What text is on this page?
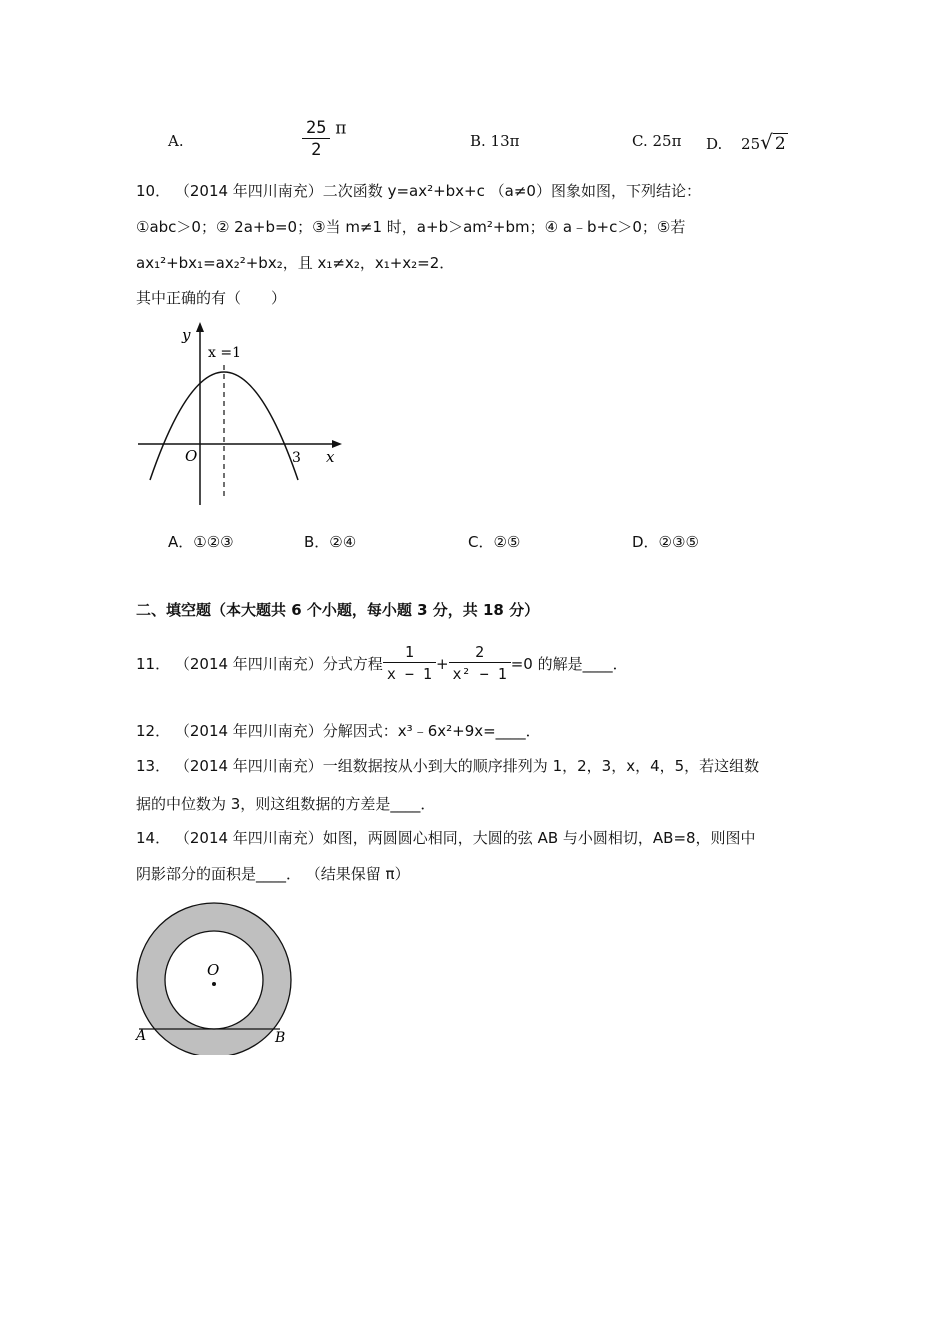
A.	$\frac{25}{2}$ π
B. 13π	C. 25π D. 25√ 2
10． （2014 年四川南充）二次函数 y=ax²+bx+c （a≠0）图象如图，下列结论：
①abc＞0；② 2a+b=0；③当 m≠1 时，a+b＞am²+bm；④ a﹣b+c＞0；⑤若
ax₁²+bx₁=ax₂²+bx₂，且 x₁≠x₂，x₁+x₂=2．
其中正确的有（　　）
y
x
O
x =1
3
A．①②③	B．②④	C．②⑤	D．②③⑤
二、填空题（本大题共 6 个小题，每小题 3 分，共 18 分）
11． （2014 年四川南充）分式方程 $\frac{1}{x - 1} + \frac{2}{\text{x² − 1}} =0$ 的解是____．
12． （2014 年四川南充）分解因式：x³﹣6x²+9x=____．
13． （2014 年四川南充）一组数据按从小到大的顺序排列为 1，2，3，x，4，5，若这组数
据的中位数为 3，则这组数据的方差是____．
14． （2014 年四川南充）如图，两圆圆心相同，大圆的弦 AB 与小圆相切，AB=8，则图中
阴影部分的面积是____． （结果保留 π）
O
A	B
